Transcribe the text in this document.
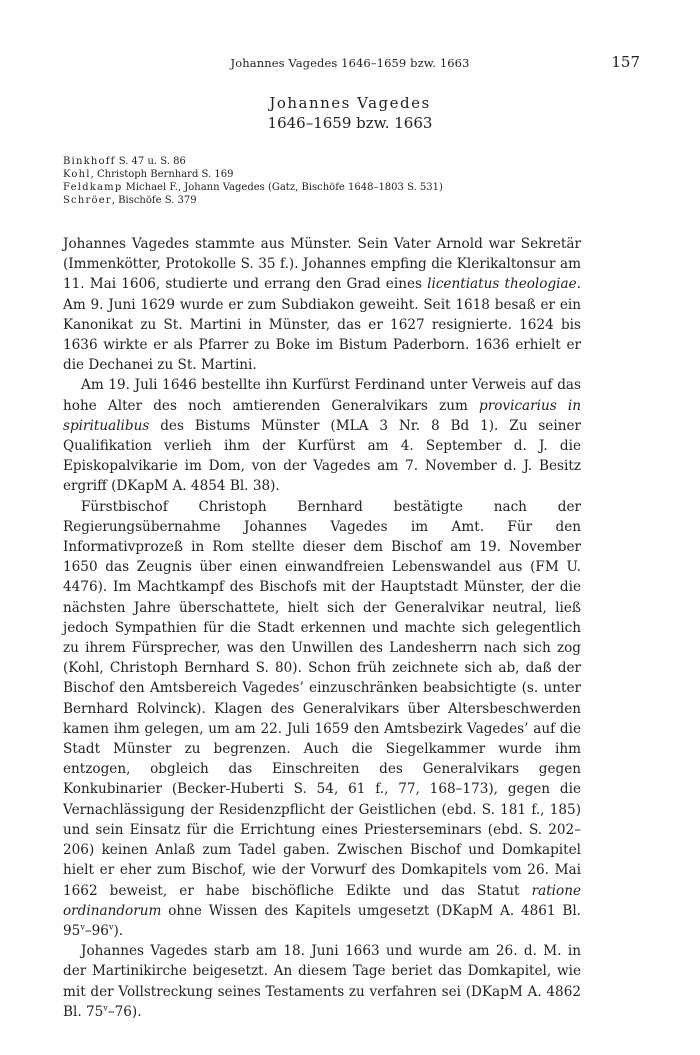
Johannes Vagedes 1646–1659 bzw. 1663	157
Johannes Vagedes
1646–1659 bzw. 1663
Binkhoff S. 47 u. S. 86
Kohl, Christoph Bernhard S. 169
Feldkamp Michael F., Johann Vagedes (Gatz, Bischöfe 1648–1803 S. 531)
Schröer, Bischöfe S. 379

Johannes Vagedes stammte aus Münster. Sein Vater Arnold war Sekretär (Immenkötter, Protokolle S. 35 f.). Johannes empfing die Klerikaltonsur am 11. Mai 1606, studierte und errang den Grad eines licentiatus theologiae. Am 9. Juni 1629 wurde er zum Subdiakon geweiht. Seit 1618 besaß er ein Kanonikat zu St. Martini in Münster, das er 1627 resignierte. 1624 bis 1636 wirkte er als Pfarrer zu Boke im Bistum Paderborn. 1636 erhielt er die Dechanei zu St. Martini.

Am 19. Juli 1646 bestellte ihn Kurfürst Ferdinand unter Verweis auf das hohe Alter des noch amtierenden Generalvikars zum provicarius in spiritualibus des Bistums Münster (MLA 3 Nr. 8 Bd 1). Zu seiner Qualifikation verlieh ihm der Kurfürst am 4. September d. J. die Episkopalvikarie im Dom, von der Vagedes am 7. November d. J. Besitz ergriff (DKapM A. 4854 Bl. 38).

Fürstbischof Christoph Bernhard bestätigte nach der Regierungsübernahme Johannes Vagedes im Amt. Für den Informativprozeß in Rom stellte dieser dem Bischof am 19. November 1650 das Zeugnis über einen einwandfreien Lebenswandel aus (FM U. 4476). Im Machtkampf des Bischofs mit der Hauptstadt Münster, der die nächsten Jahre überschattete, hielt sich der Generalvikar neutral, ließ jedoch Sympathien für die Stadt erkennen und machte sich gelegentlich zu ihrem Fürsprecher, was den Unwillen des Landesherrn nach sich zog (Kohl, Christoph Bernhard S. 80). Schon früh zeichnete sich ab, daß der Bischof den Amtsbereich Vagedes’ einzuschränken beabsichtigte (s. unter Bernhard Rolvinck). Klagen des Generalvikars über Altersbeschwerden kamen ihm gelegen, um am 22. Juli 1659 den Amtsbezirk Vagedes’ auf die Stadt Münster zu begrenzen. Auch die Siegelkammer wurde ihm entzogen, obgleich das Einschreiten des Generalvikars gegen Konkubinarier (Becker-Huberti S. 54, 61 f., 77, 168–173), gegen die Vernachlässigung der Residenzpflicht der Geistlichen (ebd. S. 181 f., 185) und sein Einsatz für die Errichtung eines Priesterseminars (ebd. S. 202–206) keinen Anlaß zum Tadel gaben. Zwischen Bischof und Domkapitel hielt er eher zum Bischof, wie der Vorwurf des Domkapitels vom 26. Mai 1662 beweist, er habe bischöfliche Edikte und das Statut ratione ordinandorum ohne Wissen des Kapitels umgesetzt (DKapM A. 4861 Bl. 95$^v$–96$^v$).

Johannes Vagedes starb am 18. Juni 1663 und wurde am 26. d. M. in der Martinikirche beigesetzt. An diesem Tage beriet das Domkapitel, wie mit der Vollstreckung seines Testaments zu verfahren sei (DKapM A. 4862 Bl. 75$^v$–76).
